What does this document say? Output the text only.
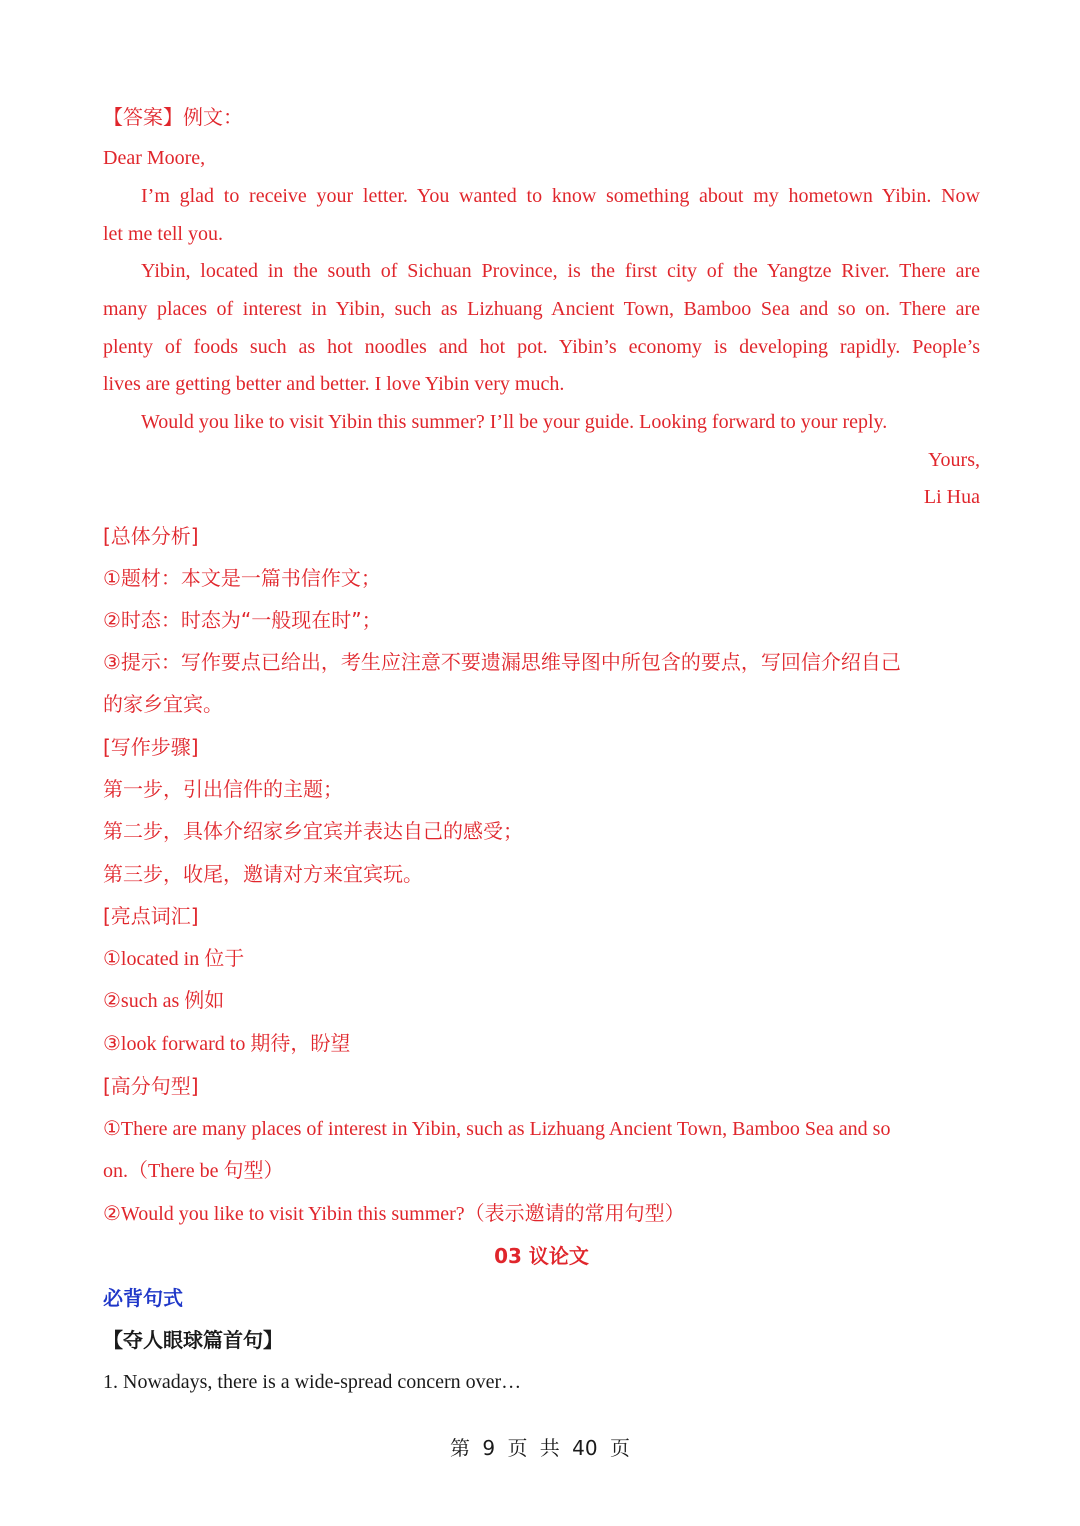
【答案】例文：
Dear Moore,
I’m glad to receive your letter. You wanted to know something about my hometown Yibin. Now
let me tell you.
Yibin, located in the south of Sichuan Province, is the first city of the Yangtze River. There are
many places of interest in Yibin, such as Lizhuang Ancient Town, Bamboo Sea and so on. There are
plenty of foods such as hot noodles and hot pot. Yibin’s economy is developing rapidly. People’s
lives are getting better and better. I love Yibin very much.
Would you like to visit Yibin this summer? I’ll be your guide. Looking forward to your reply.
Yours,
Li Hua
[总体分析]
①题材：本文是一篇书信作文；
②时态：时态为“一般现在时”；
③提示：写作要点已给出，考生应注意不要遗漏思维导图中所包含的要点，写回信介绍自己
的家乡宜宾。
[写作步骤]
第一步，引出信件的主题；
第二步，具体介绍家乡宜宾并表达自己的感受；
第三步，收尾，邀请对方来宜宾玩。
[亮点词汇]
①located in 位于
②such as 例如
③look forward to 期待，盼望
[高分句型]
①There are many places of interest in Yibin, such as Lizhuang Ancient Town, Bamboo Sea and so
on.（There be 句型）
②Would you like to visit Yibin this summer?（表示邀请的常用句型）
03 议论文
必背句式
【夺人眼球篇首句】
1. Nowadays, there is a wide-spread concern over…
第 9 页 共 40 页
